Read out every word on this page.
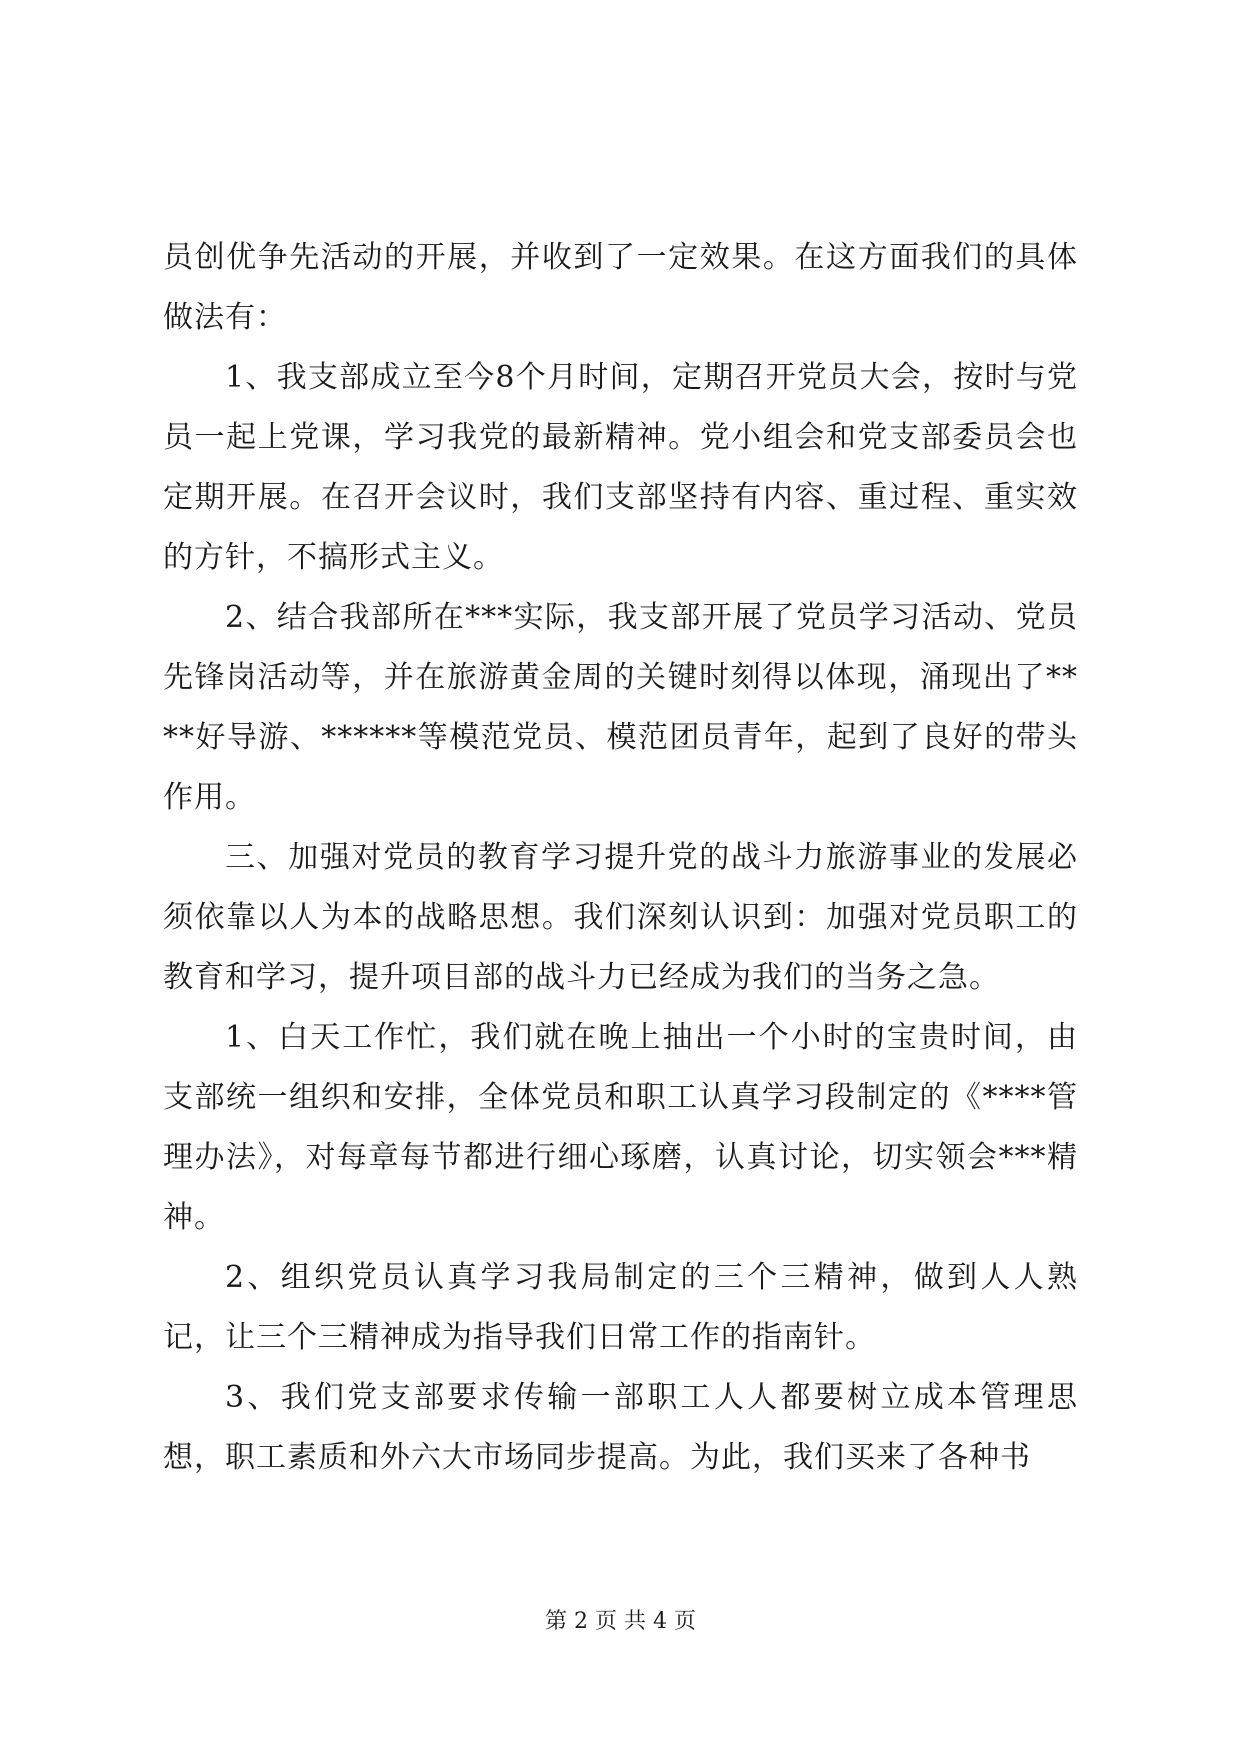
员创优争先活动的开展，并收到了一定效果。在这方面我们的具体做法有：

1、我支部成立至今8个月时间，定期召开党员大会，按时与党员一起上党课，学习我党的最新精神。党小组会和党支部委员会也定期开展。在召开会议时，我们支部坚持有内容、重过程、重实效的方针，不搞形式主义。

2、结合我部所在***实际，我支部开展了党员学习活动、党员先锋岗活动等，并在旅游黄金周的关键时刻得以体现，涌现出了****好导游、******等模范党员、模范团员青年，起到了良好的带头作用。

三、加强对党员的教育学习提升党的战斗力旅游事业的发展必须依靠以人为本的战略思想。我们深刻认识到：加强对党员职工的教育和学习，提升项目部的战斗力已经成为我们的当务之急。

1、白天工作忙，我们就在晚上抽出一个小时的宝贵时间，由支部统一组织和安排，全体党员和职工认真学习段制定的《****管理办法》，对每章每节都进行细心琢磨，认真讨论，切实领会***精神。

2、组织党员认真学习我局制定的三个三精神，做到人人熟记，让三个三精神成为指导我们日常工作的指南针。

3、我们党支部要求传输一部职工人人都要树立成本管理思想，职工素质和外六大市场同步提高。为此，我们买来了各种书

第 2 页 共 4 页
